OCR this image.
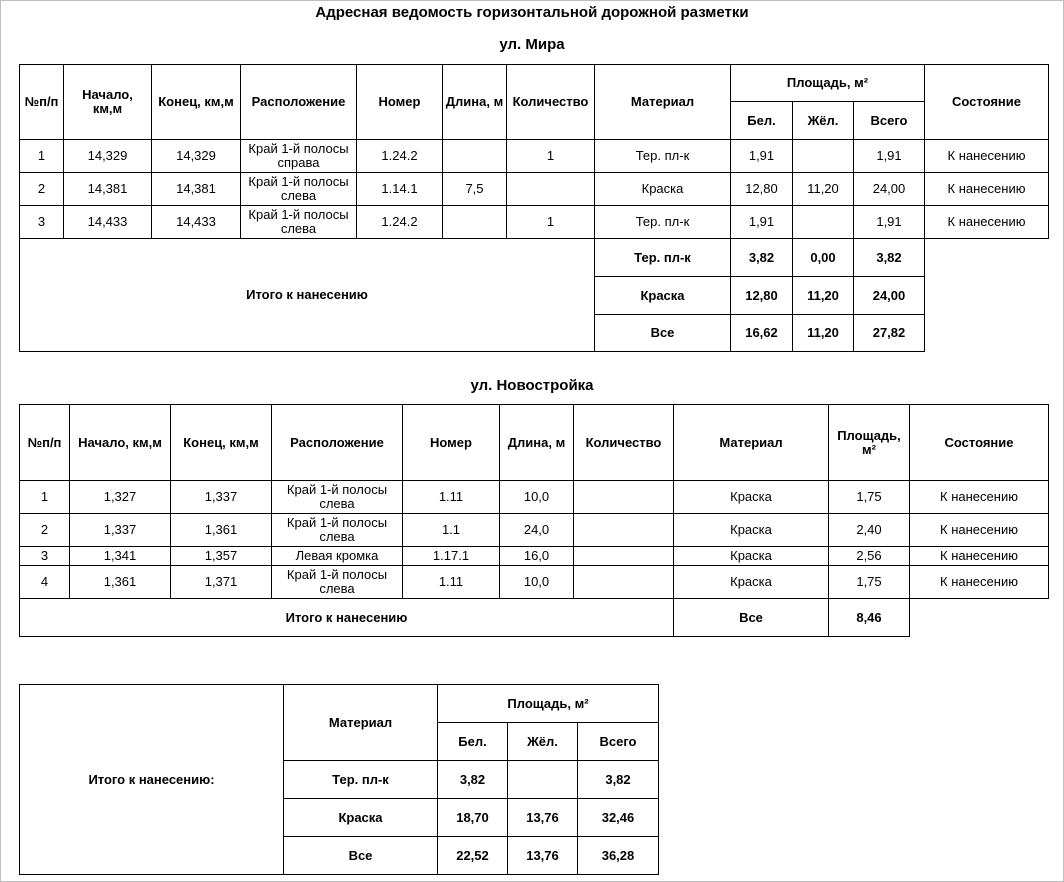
Адресная ведомость горизонтальной дорожной разметки
ул. Мира
№п/п	Начало, км,м	Конец, км,м	Расположение	Номер	Длина, м	Количество	Материал	Площадь, м²			Состояние
								Бел.	Жёл.	Всего	
1	14,329	14,329	Край 1-й полосы справа	1.24.2		1	Тер. пл-к	1,91		1,91	К нанесению
2	14,381	14,381	Край 1-й полосы слева	1.14.1	7,5		Краска	12,80	11,20	24,00	К нанесению
3	14,433	14,433	Край 1-й полосы слева	1.24.2		1	Тер. пл-к	1,91		1,91	К нанесению
Итого к нанесению							Тер. пл-к	3,82	0,00	3,82	
							Краска	12,80	11,20	24,00	
							Все	16,62	11,20	27,82	
ул. Новостройка
№п/п	Начало, км,м	Конец, км,м	Расположение	Номер	Длина, м	Количество	Материал	Площадь, м²	Состояние
1	1,327	1,337	Край 1-й полосы слева	1.11	10,0		Краска	1,75	К нанесению
2	1,337	1,361	Край 1-й полосы слева	1.1	24,0		Краска	2,40	К нанесению
3	1,341	1,357	Левая кромка	1.17.1	16,0		Краска	2,56	К нанесению
4	1,361	1,371	Край 1-й полосы слева	1.11	10,0		Краска	1,75	К нанесению
Итого к нанесению							Все	8,46	
Итого к нанесению:	Материал	Площадь, м²		
		Бел.	Жёл.	Всего
	Тер. пл-к	3,82		3,82
	Краска	18,70	13,76	32,46
	Все	22,52	13,76	36,28
